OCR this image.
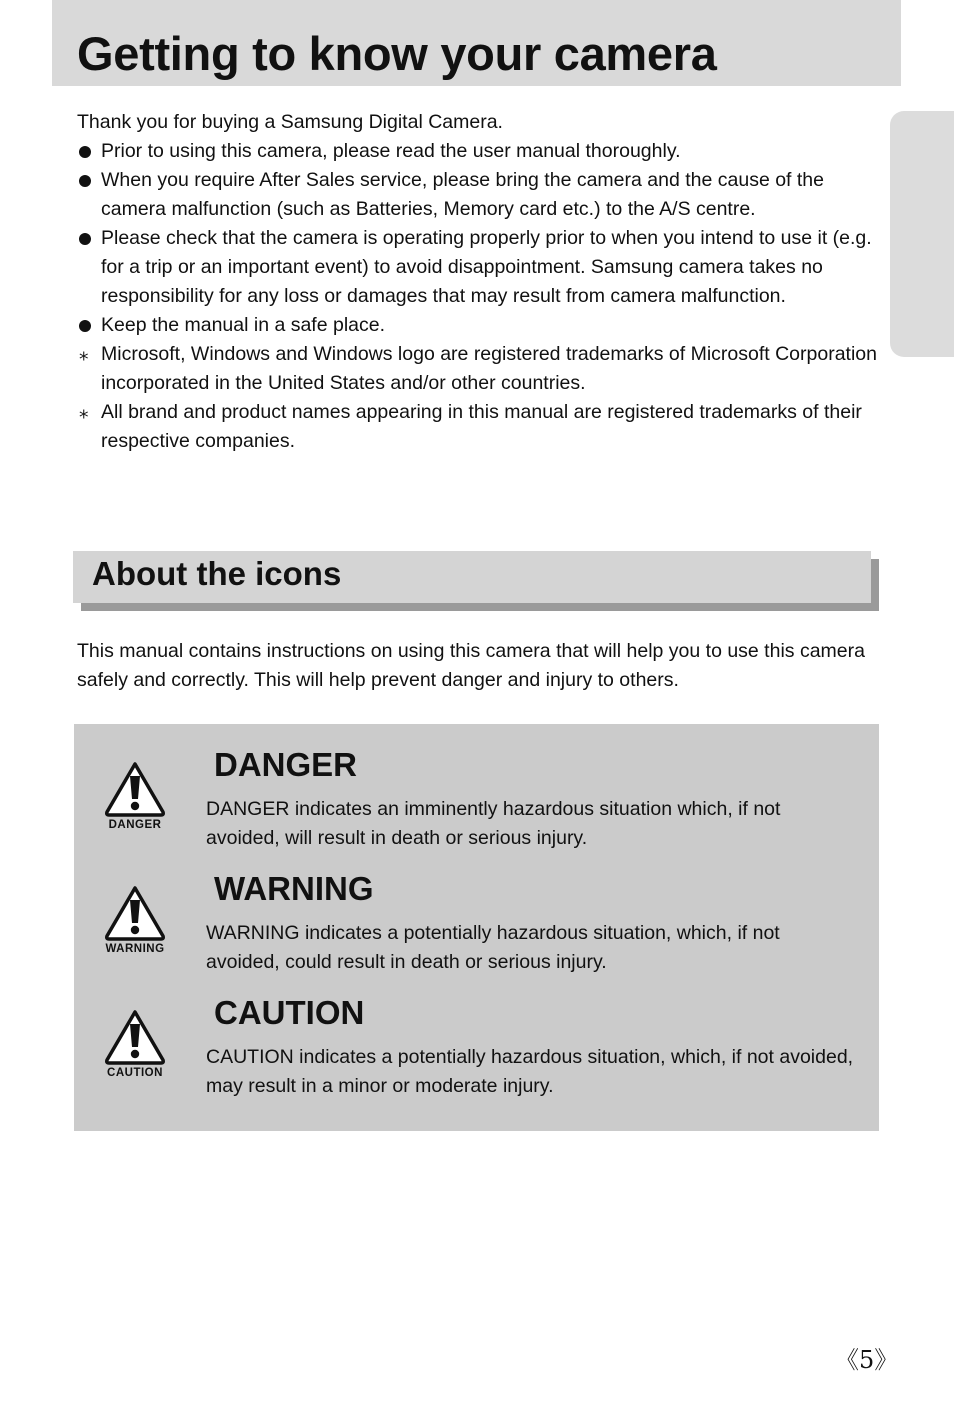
Getting to know your camera

Thank you for buying a Samsung Digital Camera.

Prior to using this camera, please read the user manual thoroughly.

When you require After Sales service, please bring the camera and the cause of the camera malfunction (such as Batteries, Memory card etc.) to the A/S centre.

Please check that the camera is operating properly prior to when you intend to use it (e.g. for a trip or an important event) to avoid disappointment. Samsung camera takes no responsibility for any loss or damages that may result from camera malfunction.

Keep the manual in a safe place.

⁎ Microsoft, Windows and Windows logo are registered trademarks of Microsoft Corporation incorporated in the United States and/or other countries.

⁎ All brand and product names appearing in this manual are registered trademarks of their respective companies.

About the icons

This manual contains instructions on using this camera that will help you to use this camera safely and correctly. This will help prevent danger and injury to others.

DANGER
DANGER

DANGER indicates an imminently hazardous situation which, if not avoided, will result in death or serious injury.

WARNING
WARNING

WARNING indicates a potentially hazardous situation, which, if not avoided, could result in death or serious injury.

CAUTION
CAUTION

CAUTION indicates a potentially hazardous situation, which, if not avoided, may result in a minor or moderate injury.

《5》
